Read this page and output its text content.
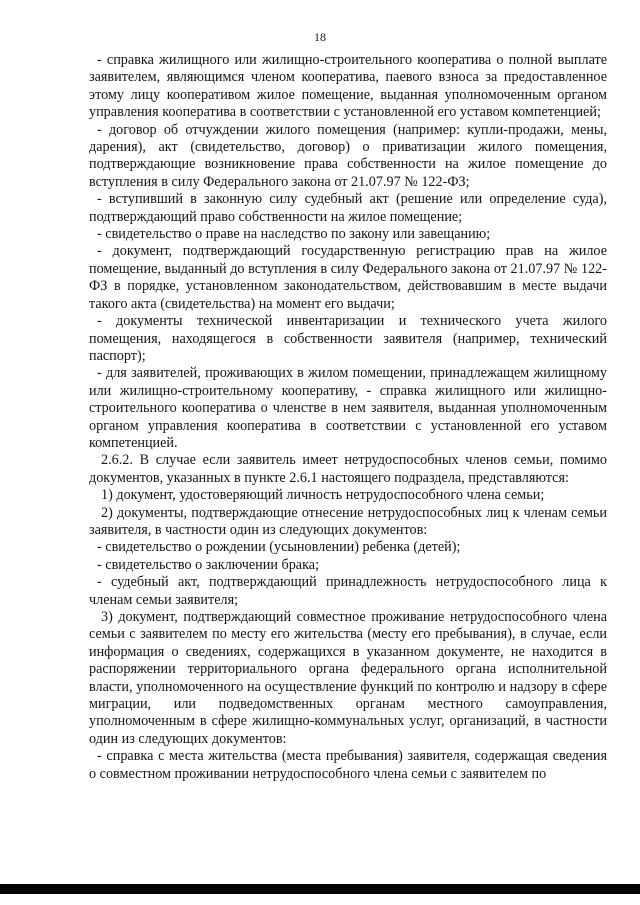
18

- справка жилищного или жилищно-строительного кооператива о полной выплате заявителем, являющимся членом кооператива, паевого взноса за предоставленное этому лицу кооперативом жилое помещение, выданная уполномоченным органом управления кооператива в соответствии с установленной его уставом компетенцией;

- договор об отчуждении жилого помещения (например: купли-продажи, мены, дарения), акт (свидетельство, договор) о приватизации жилого помещения, подтверждающие возникновение права собственности на жилое помещение до вступления в силу Федерального закона от 21.07.97 № 122-ФЗ;

- вступивший в законную силу судебный акт (решение или определение суда), подтверждающий право собственности на жилое помещение;

- свидетельство о праве на наследство по закону или завещанию;

- документ, подтверждающий государственную регистрацию прав на жилое помещение, выданный до вступления в силу Федерального закона от 21.07.97 № 122-ФЗ в порядке, установленном законодательством, действовавшим в месте выдачи такого акта (свидетельства) на момент его выдачи;

- документы технической инвентаризации и технического учета жилого помещения, находящегося в собственности заявителя (например, технический паспорт);

- для заявителей, проживающих в жилом помещении, принадлежащем жилищному или жилищно-строительному кооперативу, - справка жилищного или жилищно-строительного кооператива о членстве в нем заявителя, выданная уполномоченным органом управления кооператива в соответствии с установленной его уставом компетенцией.

2.6.2. В случае если заявитель имеет нетрудоспособных членов семьи, помимо документов, указанных в пункте 2.6.1 настоящего подраздела, представляются:

1) документ, удостоверяющий личность нетрудоспособного члена семьи;

2) документы, подтверждающие отнесение нетрудоспособных лиц к членам семьи заявителя, в частности один из следующих документов:

- свидетельство о рождении (усыновлении) ребенка (детей);

- свидетельство о заключении брака;

- судебный акт, подтверждающий принадлежность нетрудоспособного лица к членам семьи заявителя;

3) документ, подтверждающий совместное проживание нетрудоспособного члена семьи с заявителем по месту его жительства (месту его пребывания), в случае, если информация о сведениях, содержащихся в указанном документе, не находится в распоряжении территориального органа федерального органа исполнительной власти, уполномоченного на осуществление функций по контролю и надзору в сфере миграции, или подведомственных органам местного самоуправления, уполномоченным в сфере жилищно-коммунальных услуг, организаций, в частности один из следующих документов:

- справка с места жительства (места пребывания) заявителя, содержащая сведения о совместном проживании нетрудоспособного члена семьи с заявителем по
